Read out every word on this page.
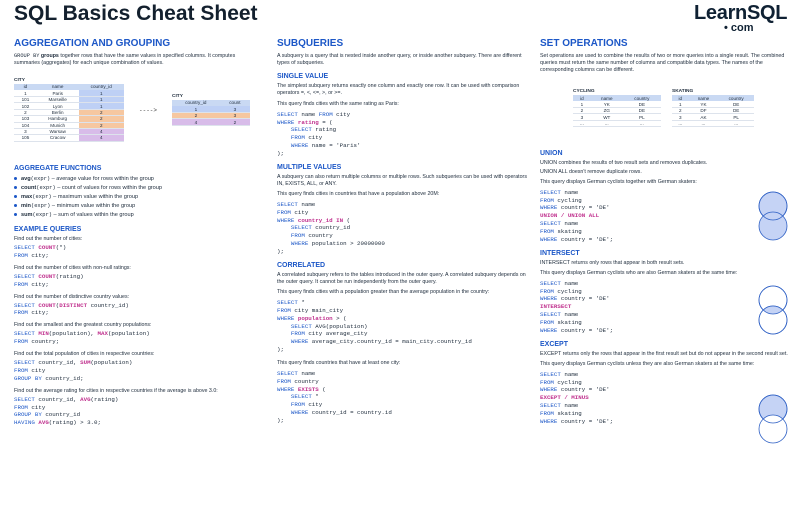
SQL Basics Cheat Sheet	LearnSQL
• com
AGGREGATION AND GROUPING

GROUP BY groups together rows that have the same values in specified columns. It computes summaries (aggregates) for each unique combination of values.

CITY		
id	name	country_id
1	Paris	1
101	Marseille	1
102	Lyon	1
2	Berlin	2
103	Hamburg	2
104	Munich	2
3	Warsaw	4
105	Cracow	4
---->
CITY	
country_id	count
1	3
2	3
4	2
AGGREGATE FUNCTIONS
avg(expr) – average value for rows within the group
count(expr) – count of values for rows within the group
max(expr) – maximum value within the group
min(expr) – minimum value within the group
sum(expr) – sum of values within the group
EXAMPLE QUERIES

Find out the number of cities:

SELECT COUNT(*)
FROM city;

Find out the number of cities with non-null ratings:

SELECT COUNT(rating)
FROM city;

Find out the number of distinctive country values:

SELECT COUNT(DISTINCT country_id)
FROM city;

Find out the smallest and the greatest country populations:

SELECT MIN(population), MAX(population)
FROM country;

Find out the total population of cities in respective countries:

SELECT country_id, SUM(population)
FROM city
GROUP BY country_id;

Find out the average rating for cities in respective countries if the average is above 3.0:

SELECT country_id, AVG(rating)
FROM city
GROUP BY country_id
HAVING AVG(rating) > 3.0;
SUBQUERIES

A subquery is a query that is nested inside another query, or inside another subquery. There are different types of subqueries.

SINGLE VALUE

The simplest subquery returns exactly one column and exactly one row. It can be used with comparison operators =, <, <=, >, or >=.

This query finds cities with the same rating as Paris:

SELECT name FROM city
WHERE rating = (
SELECT rating
FROM city
WHERE name = 'Paris'
);
MULTIPLE VALUES

A subquery can also return multiple columns or multiple rows. Such subqueries can be used with operators IN, EXISTS, ALL, or ANY.

This query finds cities in countries that have a population above 20M:

SELECT name
FROM city
WHERE country_id IN (
SELECT country_id
FROM country
WHERE population > 20000000
);
CORRELATED

A correlated subquery refers to the tables introduced in the outer query. A correlated subquery depends on the outer query. It cannot be run independently from the outer query.

This query finds cities with a population greater than the average population in the country:

SELECT *
FROM city main_city
WHERE population > (
SELECT AVG(population)
FROM city average_city
WHERE average_city.country_id = main_city.country_id
);

This query finds countries that have at least one city:

SELECT name
FROM country
WHERE EXISTS (
SELECT *
FROM city
WHERE country_id = country.id
);
SET OPERATIONS

Set operations are used to combine the results of two or more queries into a single result. The combined queries must return the same number of columns and compatible data types. The names of the corresponding columns can be different.

CYCLING		
id	name	country
1	YK	DE
2	ZG	DE
3	WT	PL
...	...	...
SKATING		
id	name	country
1	YK	DE
2	DF	DE
3	AK	PL
...	...	...
UNION

UNION combines the results of two result sets and removes duplicates.

UNION ALL doesn't remove duplicate rows.

This query displays German cyclists together with German skaters:

SELECT name
FROM cycling
WHERE country = 'DE'
UNION / UNION ALL
SELECT name
FROM skating
WHERE country = 'DE';
INTERSECT

INTERSECT returns only rows that appear in both result sets.

This query displays German cyclists who are also German skaters at the same time:

SELECT name
FROM cycling
WHERE country = 'DE'
INTERSECT
SELECT name
FROM skating
WHERE country = 'DE';
EXCEPT

EXCEPT returns only the rows that appear in the first result set but do not appear in the second result set.

This query displays German cyclists unless they are also German skaters at the same time:

SELECT name
FROM cycling
WHERE country = 'DE'
EXCEPT / MINUS
SELECT name
FROM skating
WHERE country = 'DE';
